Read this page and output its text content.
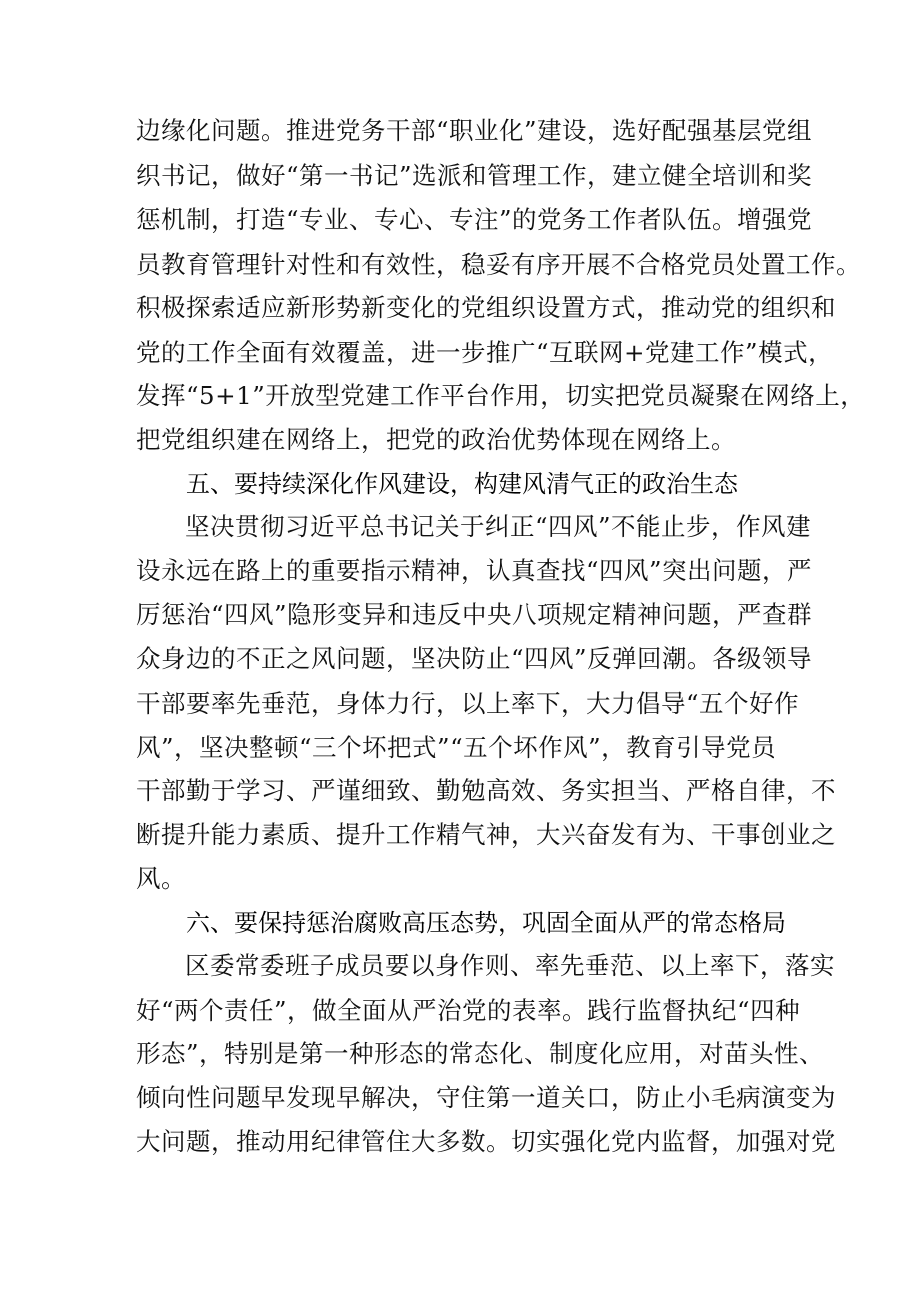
边缘化问题。推进党务干部“职业化”建设，选好配强基层党组

织书记，做好“第一书记”选派和管理工作，建立健全培训和奖

惩机制，打造“专业、专心、专注”的党务工作者队伍。增强党

员教育管理针对性和有效性，稳妥有序开展不合格党员处置工作。

积极探索适应新形势新变化的党组织设置方式，推动党的组织和

党的工作全面有效覆盖，进一步推广“互联网+党建工作”模式，

发挥“5+1”开放型党建工作平台作用，切实把党员凝聚在网络上，

把党组织建在网络上，把党的政治优势体现在网络上。

五、要持续深化作风建设，构建风清气正的政治生态

坚决贯彻习近平总书记关于纠正“四风”不能止步，作风建

设永远在路上的重要指示精神，认真查找“四风”突出问题，严

厉惩治“四风”隐形变异和违反中央八项规定精神问题，严查群

众身边的不正之风问题，坚决防止“四风”反弹回潮。各级领导

干部要率先垂范，身体力行，以上率下，大力倡导“五个好作

风”，坚决整顿“三个坏把式”“五个坏作风”，教育引导党员

干部勤于学习、严谨细致、勤勉高效、务实担当、严格自律，不

断提升能力素质、提升工作精气神，大兴奋发有为、干事创业之

风。

六、要保持惩治腐败高压态势，巩固全面从严的常态格局

区委常委班子成员要以身作则、率先垂范、以上率下，落实

好“两个责任”，做全面从严治党的表率。践行监督执纪“四种

形态”，特别是第一种形态的常态化、制度化应用，对苗头性、

倾向性问题早发现早解决，守住第一道关口，防止小毛病演变为

大问题，推动用纪律管住大多数。切实强化党内监督，加强对党
